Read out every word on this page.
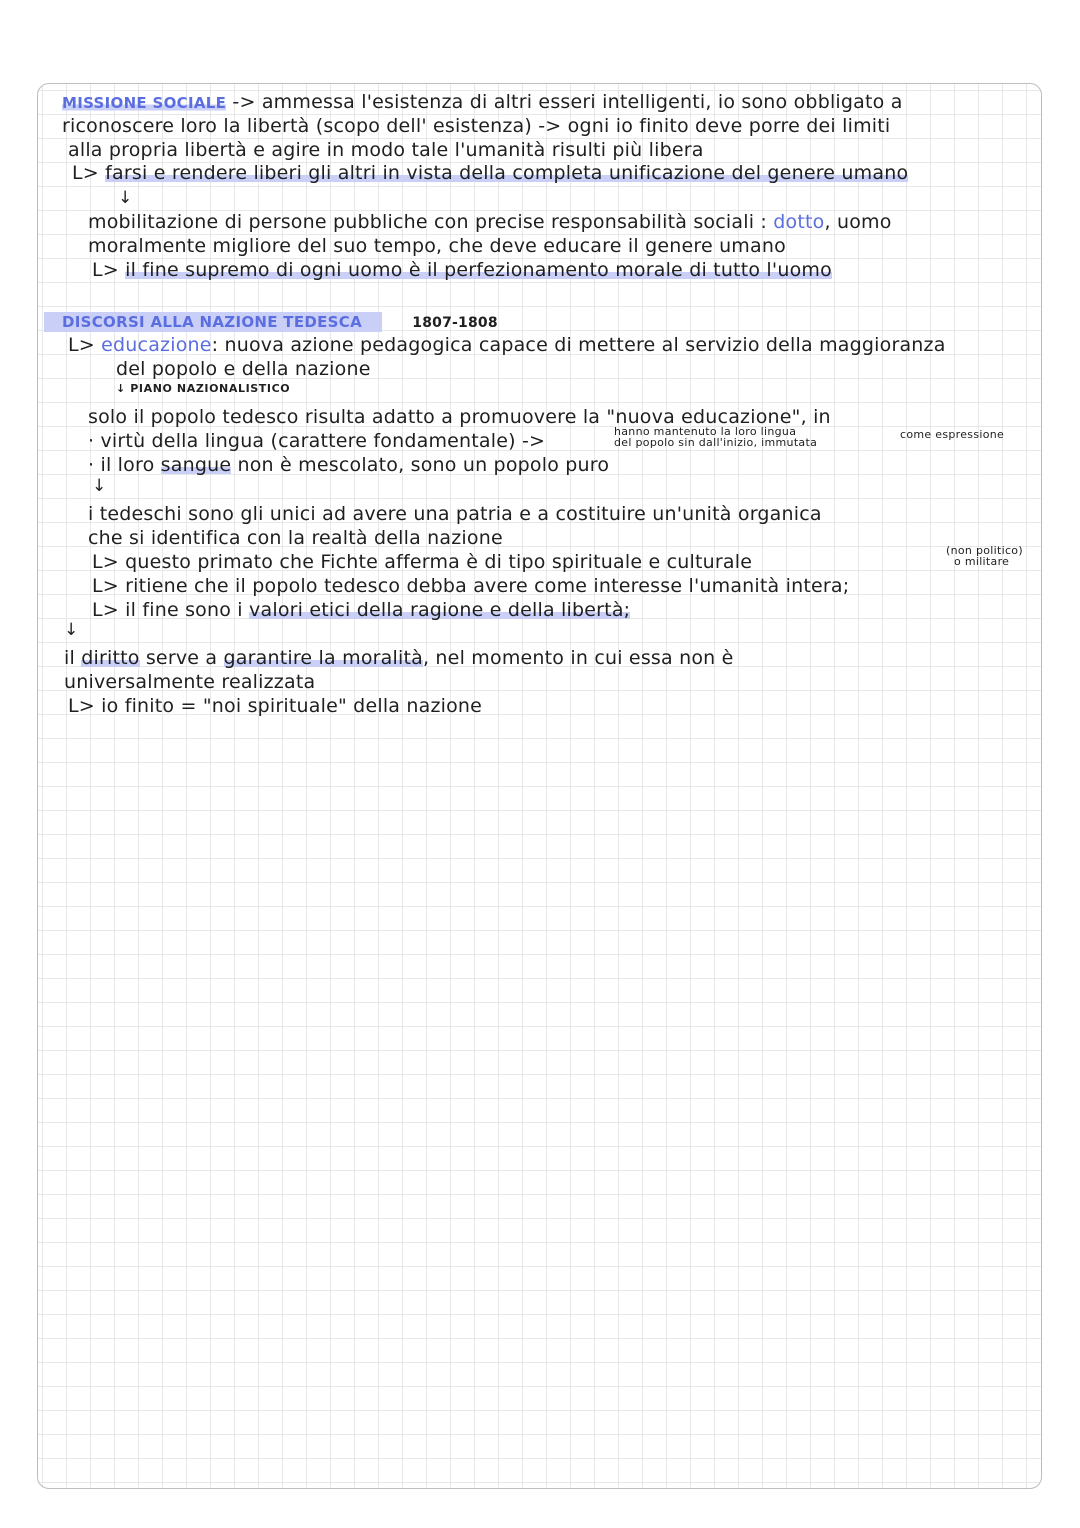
MISSIONE SOCIALE -> ammessa l'esistenza di altri esseri intelligenti, io sono obbligato a
riconoscere loro la libertà (scopo dell' esistenza) -> ogni io finito deve porre dei limiti
alla propria libertà e agire in modo tale l'umanità risulti più libera
L> farsi e rendere liberi gli altri in vista della completa unificazione del genere umano
↓
mobilitazione di persone pubbliche con precise responsabilità sociali : dotto, uomo
moralmente migliore del suo tempo, che deve educare il genere umano
L> il fine supremo di ogni uomo è il perfezionamento morale di tutto l'uomo
DISCORSI ALLA NAZIONE TEDESCA	1807-1808
L> educazione: nuova azione pedagogica capace di mettere al servizio della maggioranza
del popolo e della nazione
↓ PIANO NAZIONALISTICO
solo il popolo tedesco risulta adatto a promuovere la "nuova educazione", in
· virtù della lingua (carattere fondamentale) ->	hanno mantenuto la loro lingua
del popolo sin dall'inizio, immutata
come espressione
· il loro sangue non è mescolato, sono un popolo puro
↓
i tedeschi sono gli unici ad avere una patria e a costituire un'unità organica
che si identifica con la realtà della nazione
L> questo primato che Fichte afferma è di tipo spirituale e culturale
(non politico)
o militare
L> ritiene che il popolo tedesco debba avere come interesse l'umanità intera;
L> il fine sono i valori etici della ragione e della libertà;
↓
il diritto serve a garantire la moralità, nel momento in cui essa non è
universalmente realizzata
L> io finito = "noi spirituale" della nazione
